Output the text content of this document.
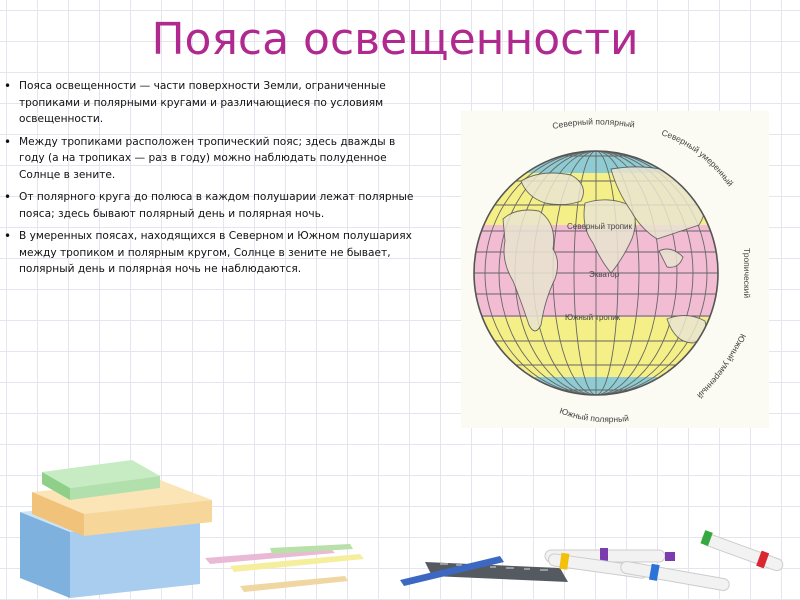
Пояса освещенности
• Пояса освещенности — части поверхности Земли, ограниченные тропиками и полярными кругами и различающиеся по условиям освещенности.
• Между тропиками расположен тропический пояс; здесь дважды в году (а на тропиках — раз в году) можно наблюдать полуденное Солнце в зените.
• От полярного круга до полюса в каждом полушарии лежат полярные пояса; здесь бывают полярный день и полярная ночь.
• В умеренных поясах, находящихся в Северном и Южном полушариях между тропиком и полярным кругом, Солнце в зените не бывает, полярный день и полярная ночь не наблюдаются.
Северный полярный
Северный умеренный
Тропический
Южный умеренный
Южный полярный
Северный тропик
Экватор
Южный тропик
